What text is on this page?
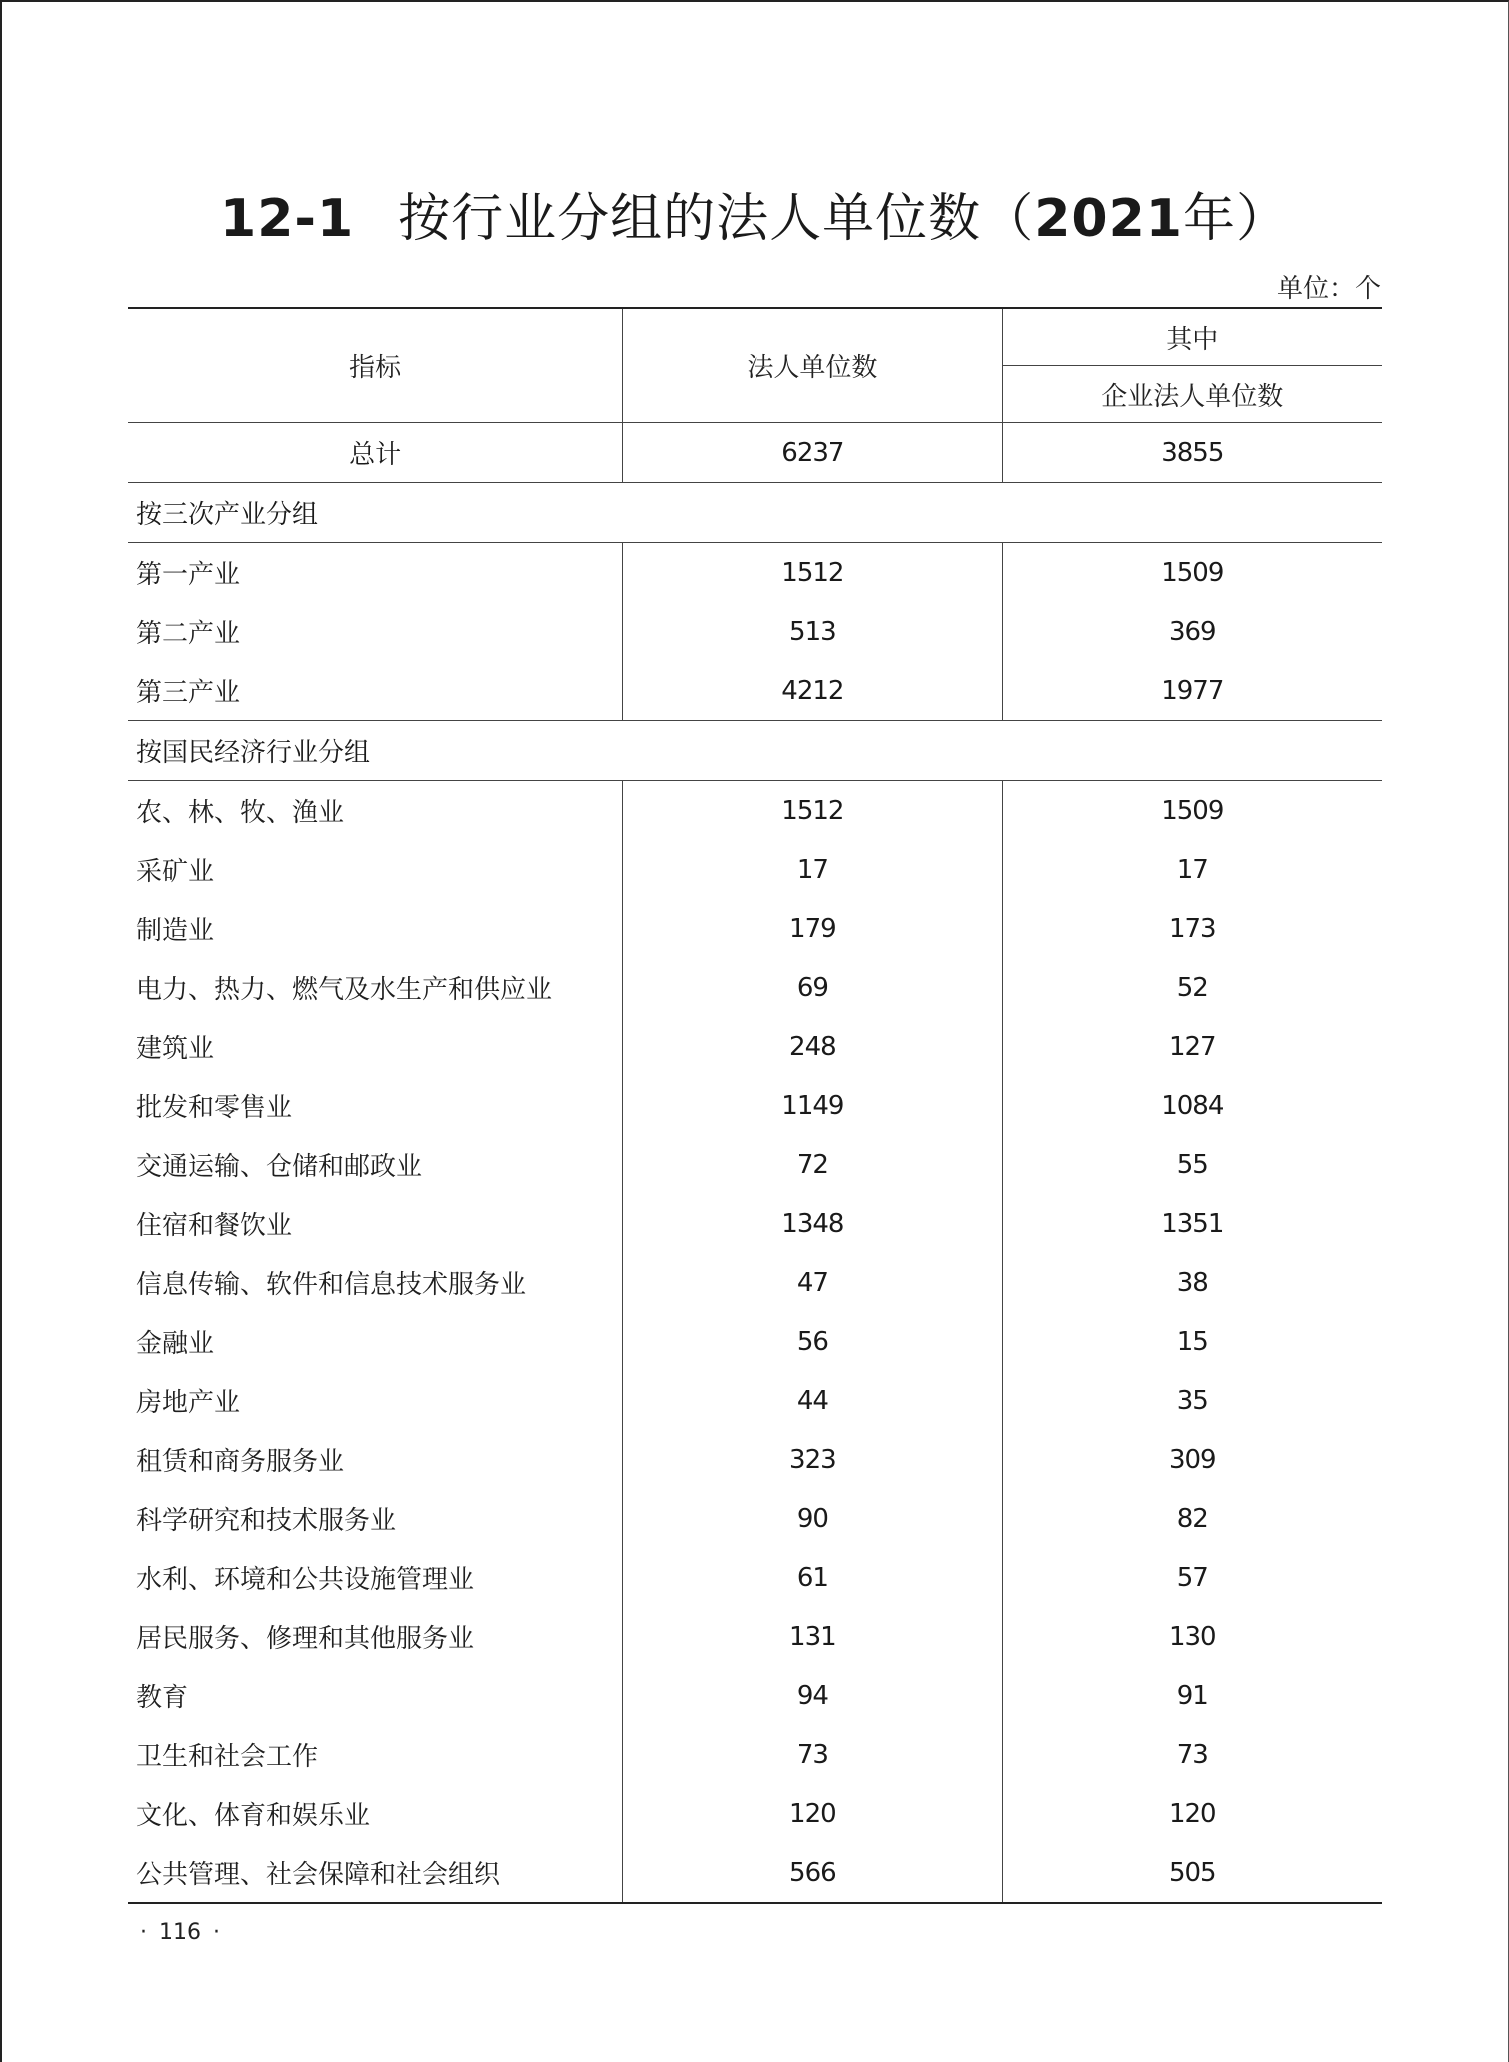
12-1 按行业分组的法人单位数（2021年）
单位：个
指标	法人单位数	其中
		企业法人单位数
总计	6237	3855
按三次产业分组		
第一产业	1512	1509
第二产业	513	369
第三产业	4212	1977
按国民经济行业分组		
农、林、牧、渔业	1512	1509
采矿业	17	17
制造业	179	173
电力、热力、燃气及水生产和供应业	69	52
建筑业	248	127
批发和零售业	1149	1084
交通运输、仓储和邮政业	72	55
住宿和餐饮业	1348	1351
信息传输、软件和信息技术服务业	47	38
金融业	56	15
房地产业	44	35
租赁和商务服务业	323	309
科学研究和技术服务业	90	82
水利、环境和公共设施管理业	61	57
居民服务、修理和其他服务业	131	130
教育	94	91
卫生和社会工作	73	73
文化、体育和娱乐业	120	120
公共管理、社会保障和社会组织	566	505
· 116 ·
